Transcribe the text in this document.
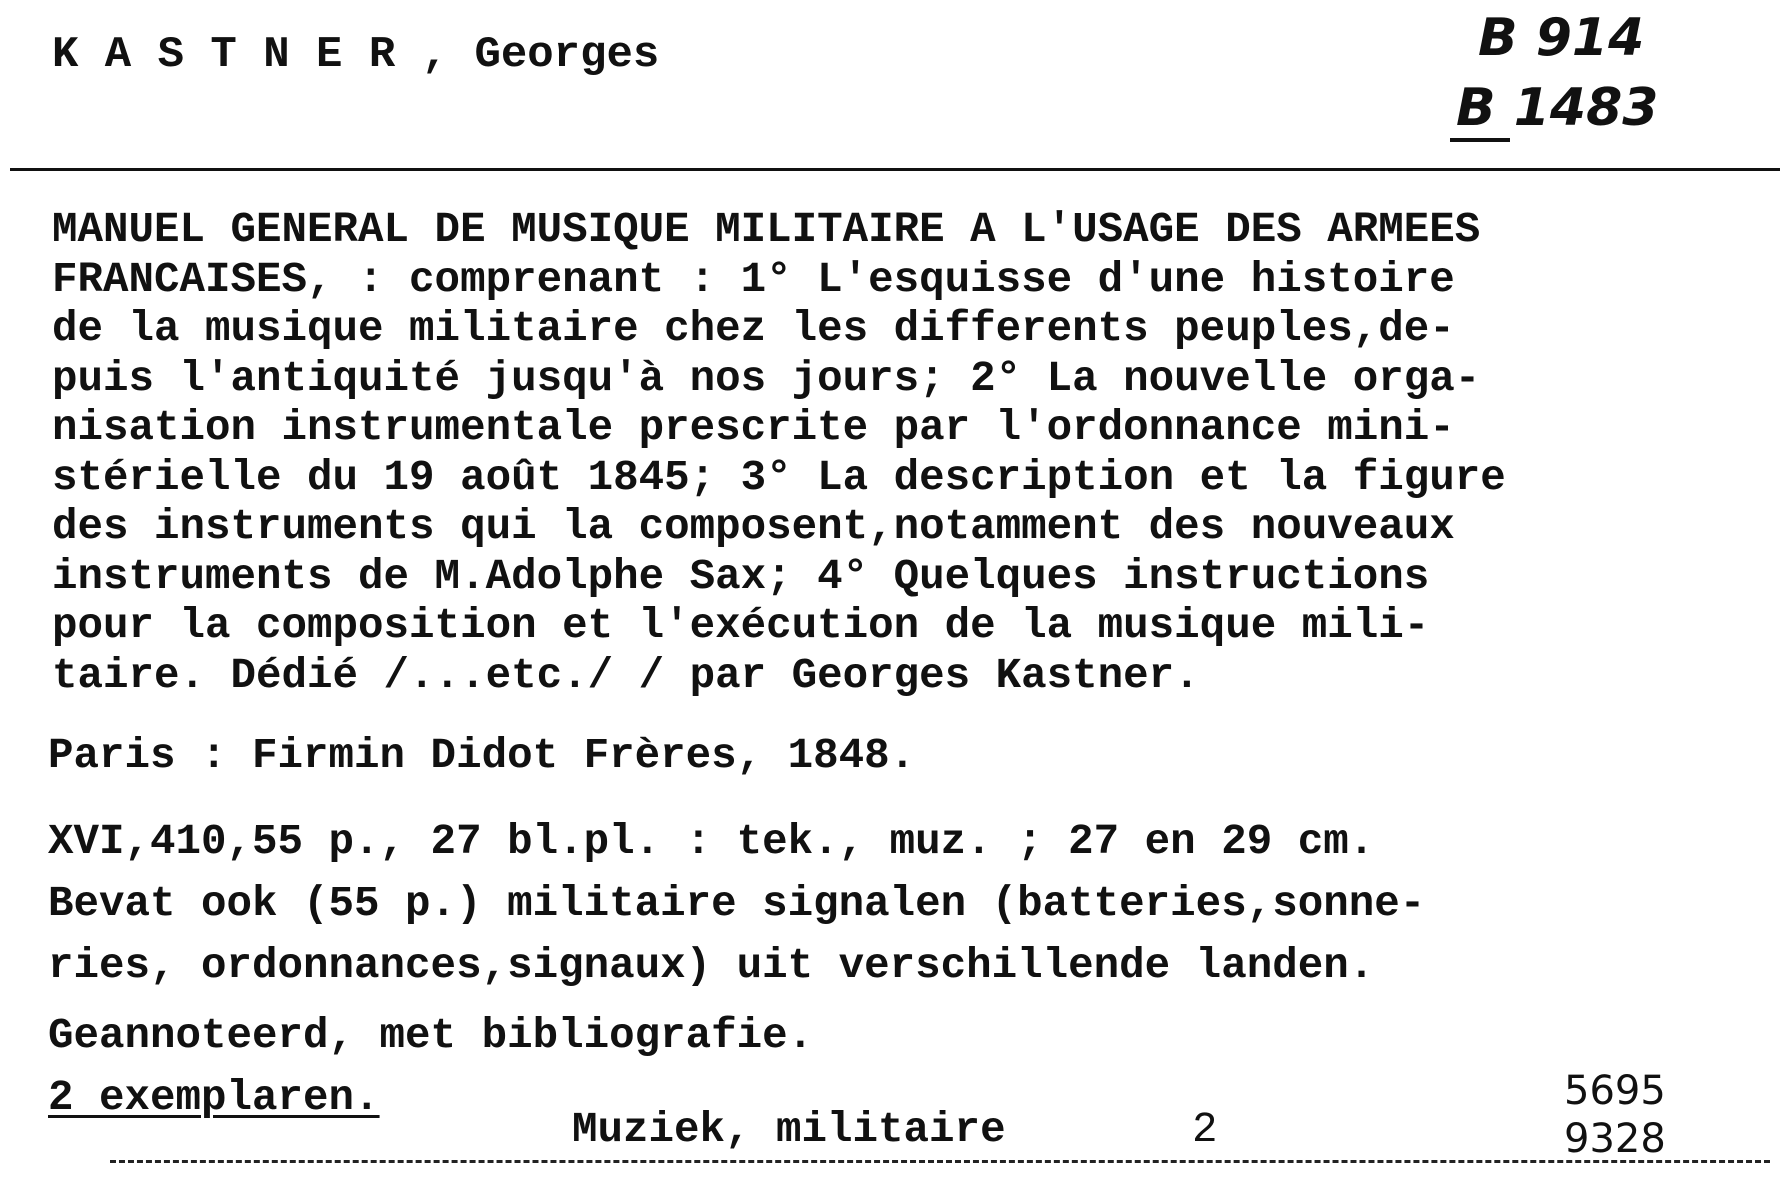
K A S T N E R , Georges	B 914
B 1483
MANUEL GENERAL DE MUSIQUE MILITAIRE A L'USAGE DES ARMEES
FRANCAISES, : comprenant : 1° L'esquisse d'une histoire
de la musique militaire chez les differents peuples,de-
puis l'antiquité jusqu'à nos jours; 2° La nouvelle orga-
nisation instrumentale prescrite par l'ordonnance mini-
stérielle du 19 août 1845; 3° La description et la figure
des instruments qui la composent,notamment des nouveaux
instruments de M.Adolphe Sax; 4° Quelques instructions
pour la composition et l'exécution de la musique mili-
taire. Dédié /...etc./ / par Georges Kastner.
Paris : Firmin Didot Frères, 1848.
XVI,410,55 p., 27 bl.pl. : tek., muz. ; 27 en 29 cm.
Bevat ook (55 p.) militaire signalen (batteries,sonne-
ries, ordonnances,signaux) uit verschillende landen.
Geannoteerd, met bibliografie.
2 exemplaren.
Muziek, militaire	2
5695
9328
